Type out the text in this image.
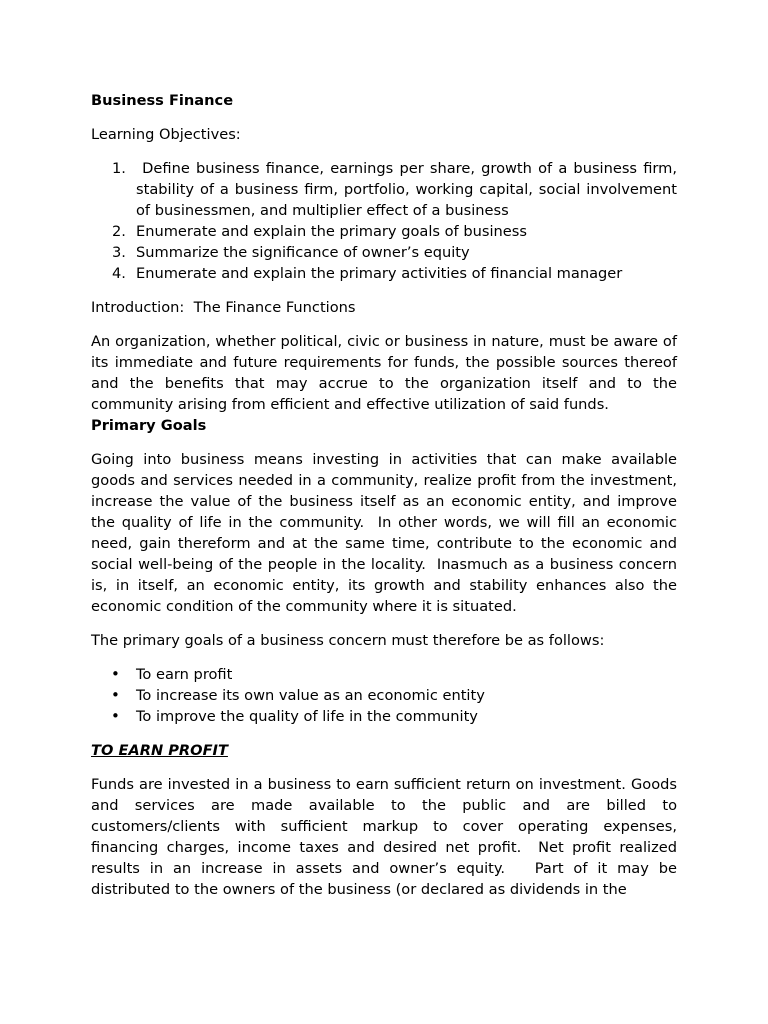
Business Finance

Learning Objectives:

1. Define business finance, earnings per share, growth of a business firm, stability of a business firm, portfolio, working capital, social involvement of businessmen, and multiplier effect of a business
2. Enumerate and explain the primary goals of business
3. Summarize the significance of owner’s equity
4. Enumerate and explain the primary activities of financial manager

Introduction:  The Finance Functions

An organization, whether political, civic or business in nature, must be aware of its immediate and future requirements for funds, the possible sources thereof and the benefits that may accrue to the organization itself and to the community arising from efficient and effective utilization of said funds.

Primary Goals

Going into business means investing in activities that can make available goods and services needed in a community, realize profit from the investment, increase the value of the business itself as an economic entity, and improve the quality of life in the community.  In other words, we will fill an economic need, gain thereform and at the same time, contribute to the economic and social well-being of the people in the locality.  Inasmuch as a business concern is, in itself, an economic entity, its growth and stability enhances also the economic condition of the community where it is situated.

The primary goals of a business concern must therefore be as follows:

• To earn profit
• To increase its own value as an economic entity
• To improve the quality of life in the community
TO EARN PROFIT

Funds are invested in a business to earn sufficient return on investment. Goods and services are made available to the public and are billed to customers/clients with sufficient markup to cover operating expenses, financing charges, income taxes and desired net profit.  Net profit realized results in an increase in assets and owner’s equity.   Part of it may be distributed to the owners of the business (or declared as dividends in the
